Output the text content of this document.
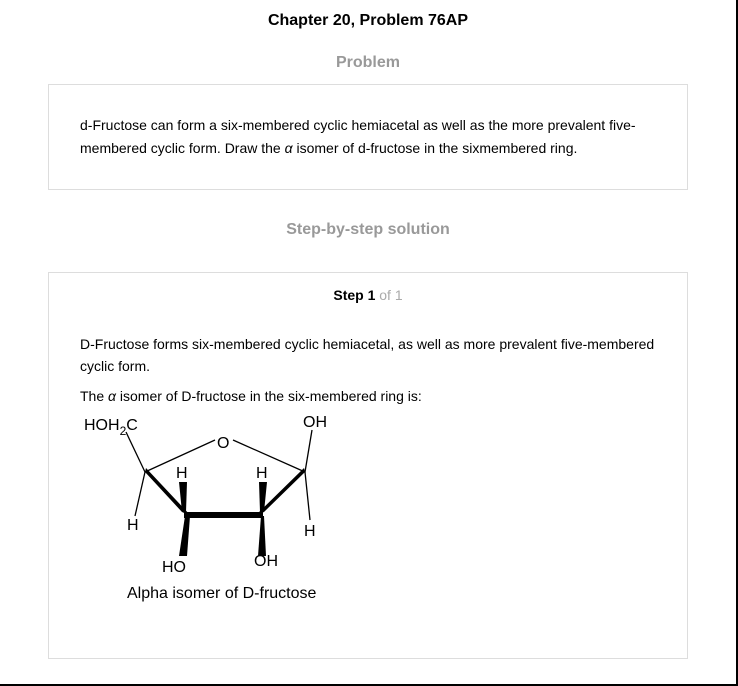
Chapter 20, Problem 76AP
Problem
d-Fructose can form a six-membered cyclic hemiacetal as well as the more prevalent five-membered cyclic form. Draw the α isomer of d-fructose in the sixmembered ring.
Step-by-step solution
Step 1 of 1
D-Fructose forms six-membered cyclic hemiacetal, as well as more prevalent five-membered cyclic form.
The α isomer of D-fructose in the six-membered ring is:
$HOH_2C$	OH
O
H	H
H	H
HO	OH
Alpha isomer of D-fructose
